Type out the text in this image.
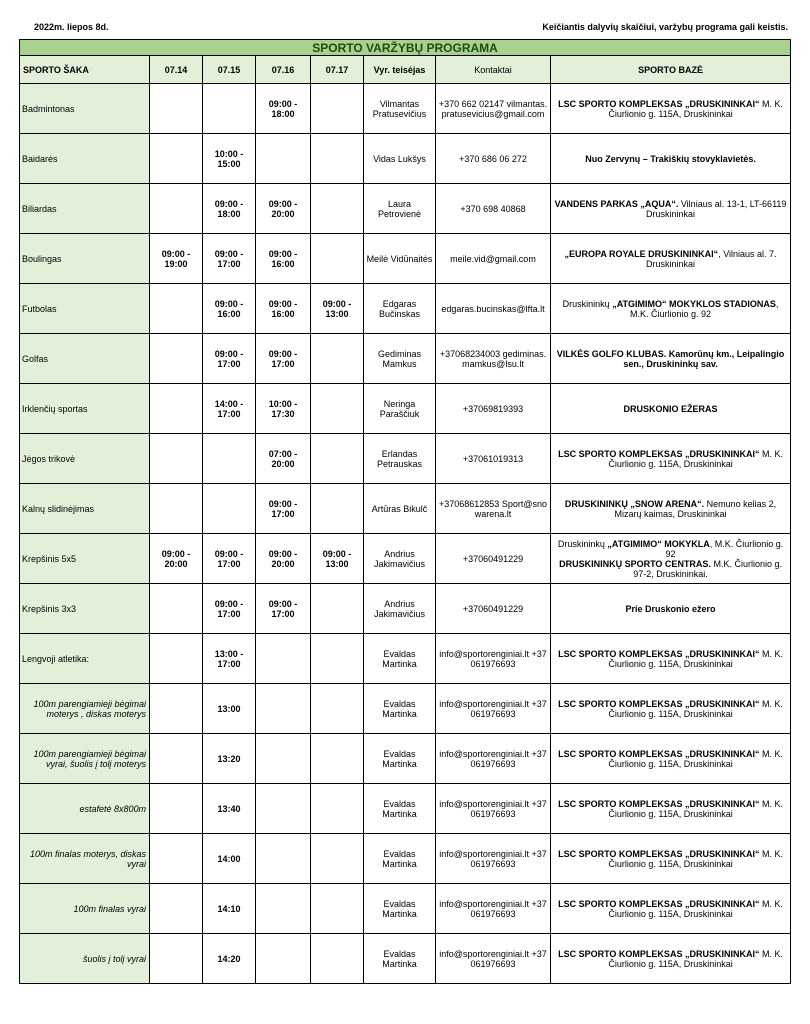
2022m. liepos 8d.	Keičiantis dalyvių skaičiui, varžybų programa gali keistis.
SPORTO VARŽYBŲ PROGRAMA							
SPORTO ŠAKA	07.14	07.15	07.16	07.17	Vyr. teisėjas	Kontaktai	SPORTO BAZĖ
Badmintonas			09:00 - 18:00		Vilmantas Pratusevičius	+370 662 02147 vilmantas.pratusevicius@gmail.com	LSC SPORTO KOMPLEKSAS „DRUSKININKAI“ M. K. Čiurlionio g. 115A, Druskininkai
Baidarės		10:00 - 15:00			Vidas Lukšys	+370 686 06 272	Nuo Zervynų – Trakiškių stovyklavietės.
Biliardas		09:00 - 18:00	09:00 - 20:00		Laura Petrovienė	+370 698 40868	VANDENS PARKAS „AQUA“. Vilniaus al. 13-1, LT-66119 Druskininkai
Boulingas	09:00 - 19:00	09:00 - 17:00	09:00 - 16:00		Meilė Vidūnaitės	meile.vid@gmail.com	„EUROPA ROYALE DRUSKININKAI“, Vilniaus al. 7. Druskininkai
Futbolas		09:00 - 16:00	09:00 - 16:00	09:00 - 13:00	Edgaras Bučinskas	edgaras.bucinskas@lfta.lt	Druskininkų „ATGIMIMO“ MOKYKLOS STADIONAS, M.K. Čiurlionio g. 92
Golfas		09:00 - 17:00	09:00 - 17:00		Gediminas Mamkus	+37068234003 gediminas.mamkus@lsu.lt	VILKĖS GOLFO KLUBAS. Kamorūnų km., Leipalingio sen., Druskininkų sav.
Irklenčių sportas		14:00 - 17:00	10:00 - 17:30		Neringa Paraščiuk	+37069819393	DRUSKONIO EŽERAS
Jėgos trikovė			07:00 - 20:00		Erlandas Petrauskas	+37061019313	LSC SPORTO KOMPLEKSAS „DRUSKININKAI“ M. K. Čiurlionio g. 115A, Druskininkai
Kalnų slidinėjimas			09:00 - 17:00		Artūras Bikulč	+37068612853 Sport@snowarena.lt	DRUSKININKŲ „SNOW ARENA“. Nemuno kelias 2, Mizarų kaimas, Druskininkai
Krepšinis 5x5	09:00 - 20:00	09:00 - 17:00	09:00 - 20:00	09:00 - 13:00	Andrius Jakimavičius	+37060491229	Druskininkų „ATGIMIMO“ MOKYKLA, M.K. Čiurlionio g. 92
DRUSKININKŲ SPORTO CENTRAS. M.K. Čiurlionio g. 97-2, Druskininkai.
Krepšinis 3x3		09:00 - 17:00	09:00 - 17:00		Andrius Jakimavičius	+37060491229	Prie Druskonio ežero
Lengvoji atletika:		13:00 - 17:00			Evaldas Martinka	info@sportorenginiai.lt +37061976693	LSC SPORTO KOMPLEKSAS „DRUSKININKAI“ M. K. Čiurlionio g. 115A, Druskininkai
100m parengiamieji bėgimai moterys , diskas moterys		13:00			Evaldas Martinka	info@sportorenginiai.lt +37061976693	LSC SPORTO KOMPLEKSAS „DRUSKININKAI“ M. K. Čiurlionio g. 115A, Druskininkai
100m parengiamieji bėgimai vyrai, šuolis į tolį moterys		13:20			Evaldas Martinka	info@sportorenginiai.lt +37061976693	LSC SPORTO KOMPLEKSAS „DRUSKININKAI“ M. K. Čiurlionio g. 115A, Druskininkai
estafetė 8x800m		13:40			Evaldas Martinka	info@sportorenginiai.lt +37061976693	LSC SPORTO KOMPLEKSAS „DRUSKININKAI“ M. K. Čiurlionio g. 115A, Druskininkai
100m finalas moterys, diskas vyrai		14:00			Evaldas Martinka	info@sportorenginiai.lt +37061976693	LSC SPORTO KOMPLEKSAS „DRUSKININKAI“ M. K. Čiurlionio g. 115A, Druskininkai
100m finalas vyrai		14:10			Evaldas Martinka	info@sportorenginiai.lt +37061976693	LSC SPORTO KOMPLEKSAS „DRUSKININKAI“ M. K. Čiurlionio g. 115A, Druskininkai
šuolis į tolį vyrai		14:20			Evaldas Martinka	info@sportorenginiai.lt +37061976693	LSC SPORTO KOMPLEKSAS „DRUSKININKAI“ M. K. Čiurlionio g. 115A, Druskininkai
